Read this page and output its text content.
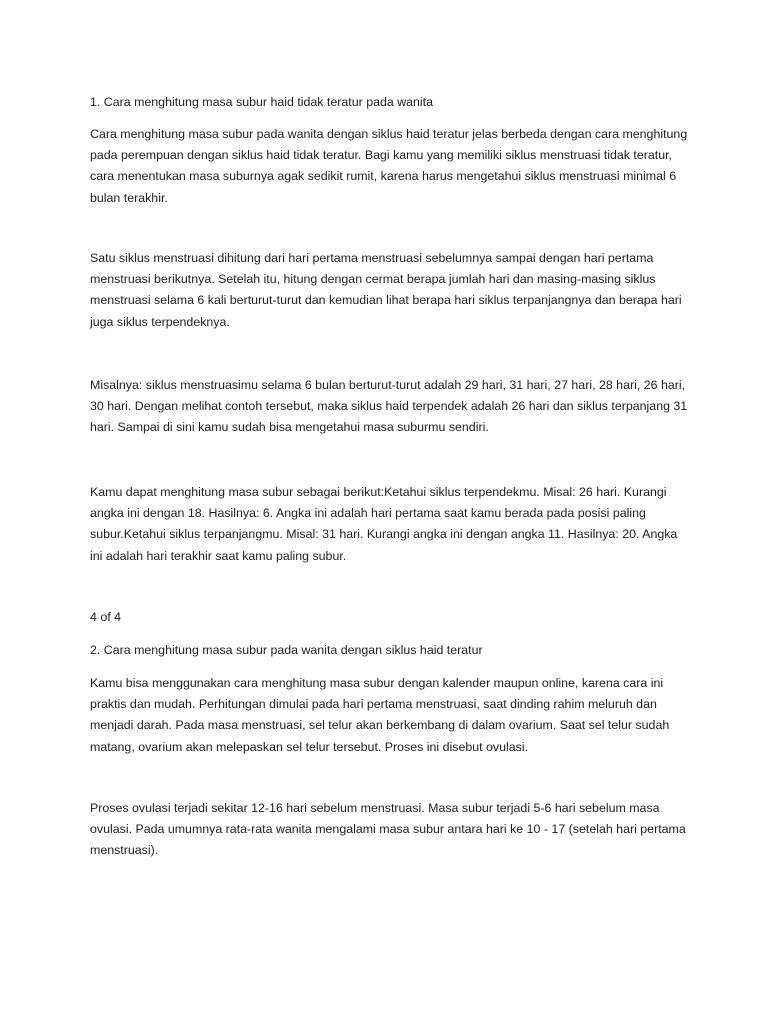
1. Cara menghitung masa subur haid tidak teratur pada wanita

Cara menghitung masa subur pada wanita dengan siklus haid teratur jelas berbeda dengan cara menghitung pada perempuan dengan siklus haid tidak teratur. Bagi kamu yang memiliki siklus menstruasi tidak teratur, cara menentukan masa suburnya agak sedikit rumit, karena harus mengetahui siklus menstruasi minimal 6 bulan terakhir.

Satu siklus menstruasi dihitung dari hari pertama menstruasi sebelumnya sampai dengan hari pertama menstruasi berikutnya. Setelah itu, hitung dengan cermat berapa jumlah hari dan masing-masing siklus menstruasi selama 6 kali berturut-turut dan kemudian lihat berapa hari siklus terpanjangnya dan berapa hari juga siklus terpendeknya.

Misalnya: siklus menstruasimu selama 6 bulan berturut-turut adalah 29 hari, 31 hari, 27 hari, 28 hari, 26 hari, 30 hari. Dengan melihat contoh tersebut, maka siklus haid terpendek adalah 26 hari dan siklus terpanjang 31 hari. Sampai di sini kamu sudah bisa mengetahui masa suburmu sendiri.

Kamu dapat menghitung masa subur sebagai berikut:Ketahui siklus terpendekmu. Misal: 26 hari. Kurangi angka ini dengan 18. Hasilnya: 6. Angka ini adalah hari pertama saat kamu berada pada posisi paling subur.Ketahui siklus terpanjangmu. Misal: 31 hari. Kurangi angka ini dengan angka 11. Hasilnya: 20. Angka ini adalah hari terakhir saat kamu paling subur.

4 of 4
2. Cara menghitung masa subur pada wanita dengan siklus haid teratur

Kamu bisa menggunakan cara menghitung masa subur dengan kalender maupun online, karena cara ini praktis dan mudah. Perhitungan dimulai pada hari pertama menstruasi, saat dinding rahim meluruh dan menjadi darah. Pada masa menstruasi, sel telur akan berkembang di dalam ovarium. Saat sel telur sudah matang, ovarium akan melepaskan sel telur tersebut. Proses ini disebut ovulasi.

Proses ovulasi terjadi sekitar 12-16 hari sebelum menstruasi. Masa subur terjadi 5-6 hari sebelum masa ovulasi. Pada umumnya rata-rata wanita mengalami masa subur antara hari ke 10 - 17 (setelah hari pertama menstruasi).
